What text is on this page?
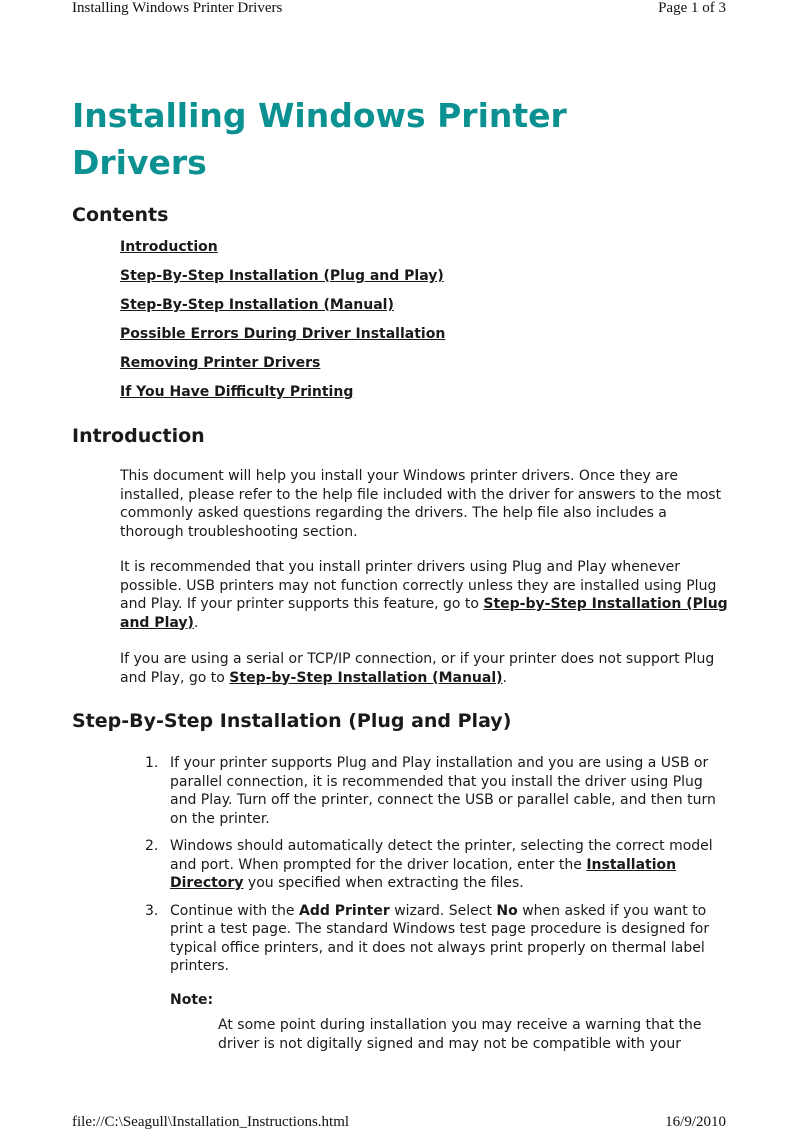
Installing Windows Printer Drivers	Page 1 of 3
Installing Windows Printer Drivers
Contents
Introduction
Step-By-Step Installation (Plug and Play)
Step-By-Step Installation (Manual)
Possible Errors During Driver Installation
Removing Printer Drivers
If You Have Difficulty Printing
Introduction

This document will help you install your Windows printer drivers. Once they are installed, please refer to the help file included with the driver for answers to the most commonly asked questions regarding the drivers. The help file also includes a thorough troubleshooting section.

It is recommended that you install printer drivers using Plug and Play whenever possible. USB printers may not function correctly unless they are installed using Plug and Play. If your printer supports this feature, go to Step-by-Step Installation (Plug and Play).

If you are using a serial or TCP/IP connection, or if your printer does not support Plug and Play, go to Step-by-Step Installation (Manual).

Step-By-Step Installation (Plug and Play)
1. If your printer supports Plug and Play installation and you are using a USB or parallel connection, it is recommended that you install the driver using Plug and Play. Turn off the printer, connect the USB or parallel cable, and then turn on the printer.
2. Windows should automatically detect the printer, selecting the correct model and port. When prompted for the driver location, enter the Installation Directory you specified when extracting the files.
3. Continue with the Add Printer wizard. Select No when asked if you want to print a test page. The standard Windows test page procedure is designed for typical office printers, and it does not always print properly on thermal label printers.
Note:
At some point during installation you may receive a warning that the driver is not digitally signed and may not be compatible with your
file://C:\Seagull\Installation_Instructions.html	16/9/2010
